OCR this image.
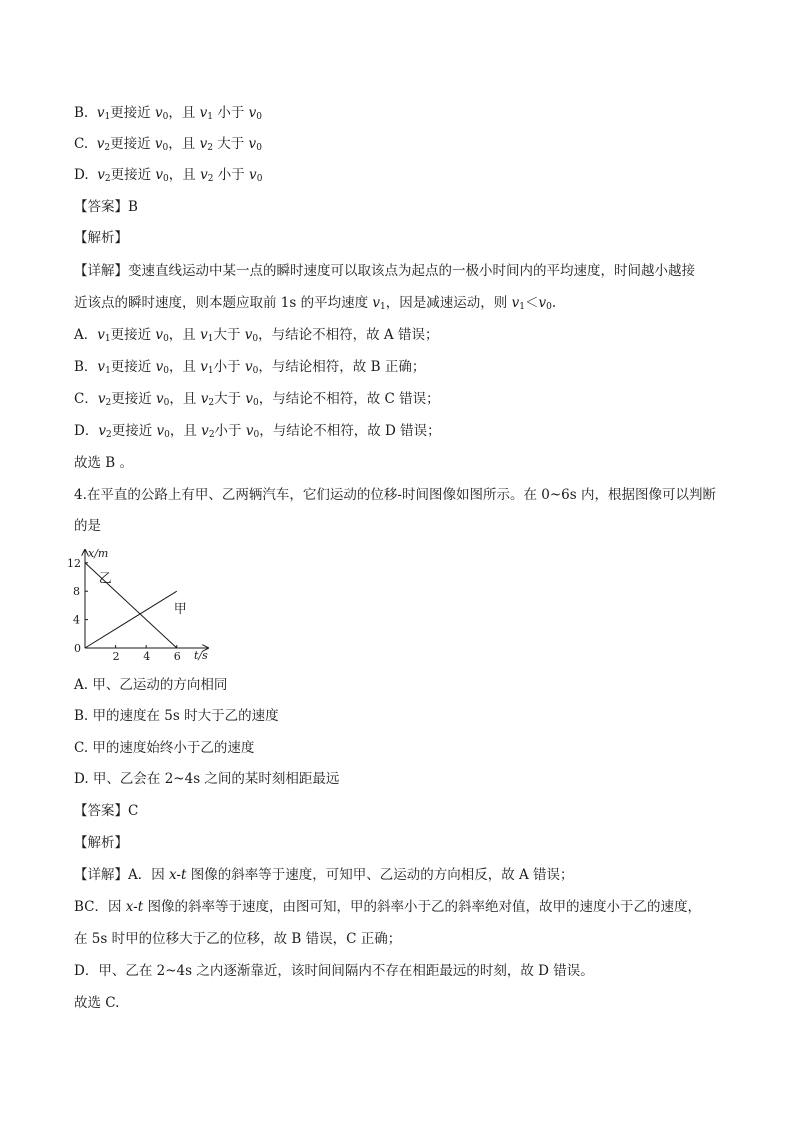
B. $v_1$更接近 $v_0$，且 $v_1$ 小于 $v_0$
C. $v_2$更接近 $v_0$，且 $v_2$ 大于 $v_0$
D. $v_2$更接近 $v_0$，且 $v_2$ 小于 $v_0$
【答案】B
【解析】
【详解】变速直线运动中某一点的瞬时速度可以取该点为起点的一极小时间内的平均速度，时间越小越接
近该点的瞬时速度，则本题应取前 1s 的平均速度 $v_1$，因是减速运动，则 $v_1<v_0$.
A．$v_1$更接近 $v_0$，且 $v_1$大于 $v_0$，与结论不相符，故 A 错误；
B．$v_1$更接近 $v_0$，且 $v_1$小于 $v_0$，与结论相符，故 B 正确；
C．$v_2$更接近 $v_0$，且 $v_2$大于 $v_0$，与结论不相符，故 C 错误；
D．$v_2$更接近 $v_0$，且 $v_2$小于 $v_0$，与结论不相符，故 D 错误；
故选 B 。
4.在平直的公路上有甲、乙两辆汽车，它们运动的位移-时间图像如图所示。在 0~6s 内，根据图像可以判断
的是
x/m
t/s
0
2 4 6
4
8
12
乙
甲
A. 甲、乙运动的方向相同
B. 甲的速度在 5s 时大于乙的速度
C. 甲的速度始终小于乙的速度
D. 甲、乙会在 2~4s 之间的某时刻相距最远
【答案】C
【解析】
【详解】A．因 x-t 图像的斜率等于速度，可知甲、乙运动的方向相反，故 A 错误；
BC．因 x-t 图像的斜率等于速度，由图可知，甲的斜率小于乙的斜率绝对值，故甲的速度小于乙的速度，
在 5s 时甲的位移大于乙的位移，故 B 错误，C 正确；
D．甲、乙在 2~4s 之内逐渐靠近，该时间间隔内不存在相距最远的时刻，故 D 错误。
故选 C.
